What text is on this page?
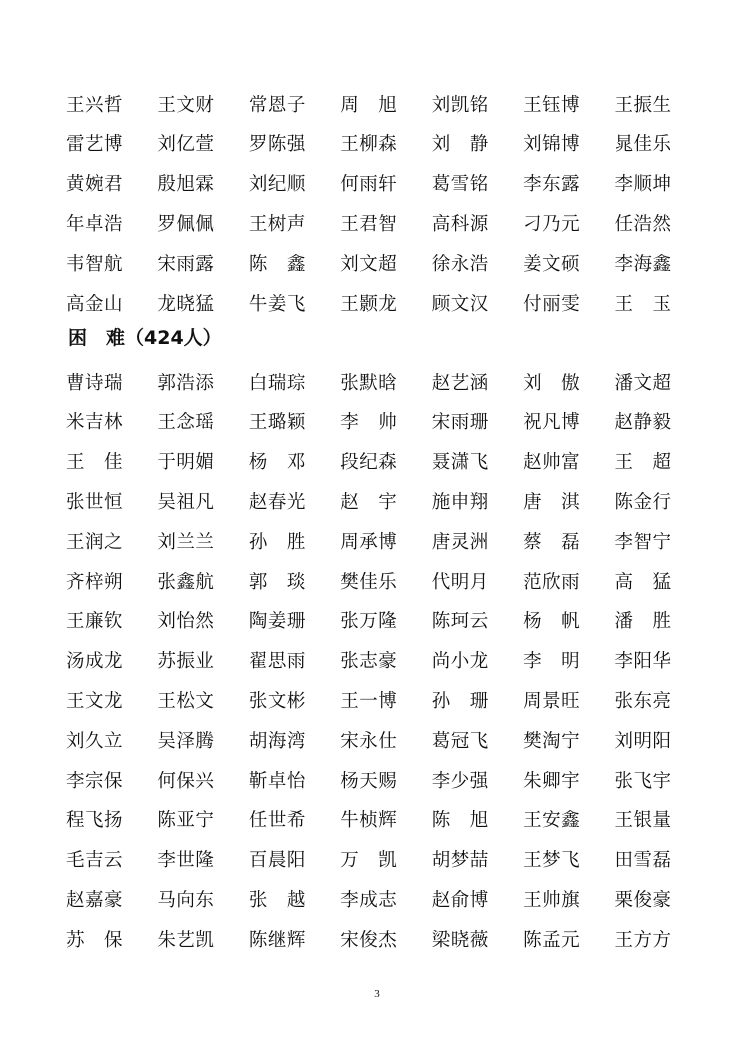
王兴哲	王文财	常恩子	周　旭	刘凯铭	王钰博	王振生
雷艺博	刘亿萱	罗陈强	王柳森	刘　静	刘锦博	晁佳乐
黄婉君	殷旭霖	刘纪顺	何雨轩	葛雪铭	李东露	李顺坤
年卓浩	罗佩佩	王树声	王君智	高科源	刁乃元	任浩然
韦智航	宋雨露	陈　鑫	刘文超	徐永浩	姜文硕	李海鑫
高金山	龙晓猛	牛姜飞	王颢龙	顾文汉	付丽雯	王　玉
困　难（424人）
曹诗瑞	郭浩添	白瑞琮	张默晗	赵艺涵	刘　傲	潘文超
米吉林	王念瑶	王璐颖	李　帅	宋雨珊	祝凡博	赵静毅
王　佳	于明媚	杨　邓	段纪森	聂潇飞	赵帅富	王　超
张世恒	吴祖凡	赵春光	赵　宇	施申翔	唐　淇	陈金行
王润之	刘兰兰	孙　胜	周承博	唐灵洲	蔡　磊	李智宁
齐梓朔	张鑫航	郭　琰	樊佳乐	代明月	范欣雨	高　猛
王廉钦	刘怡然	陶姜珊	张万隆	陈珂云	杨　帆	潘　胜
汤成龙	苏振业	翟思雨	张志豪	尚小龙	李　明	李阳华
王文龙	王松文	张文彬	王一博	孙　珊	周景旺	张东亮
刘久立	吴泽腾	胡海湾	宋永仕	葛冠飞	樊淘宁	刘明阳
李宗保	何保兴	靳卓怡	杨天赐	李少强	朱卿宇	张飞宇
程飞扬	陈亚宁	任世希	牛桢辉	陈　旭	王安鑫	王银量
毛吉云	李世隆	百晨阳	万　凯	胡梦喆	王梦飞	田雪磊
赵嘉豪	马向东	张　越	李成志	赵俞博	王帅旗	栗俊豪
苏　保	朱艺凯	陈继辉	宋俊杰	梁晓薇	陈孟元	王方方
3
